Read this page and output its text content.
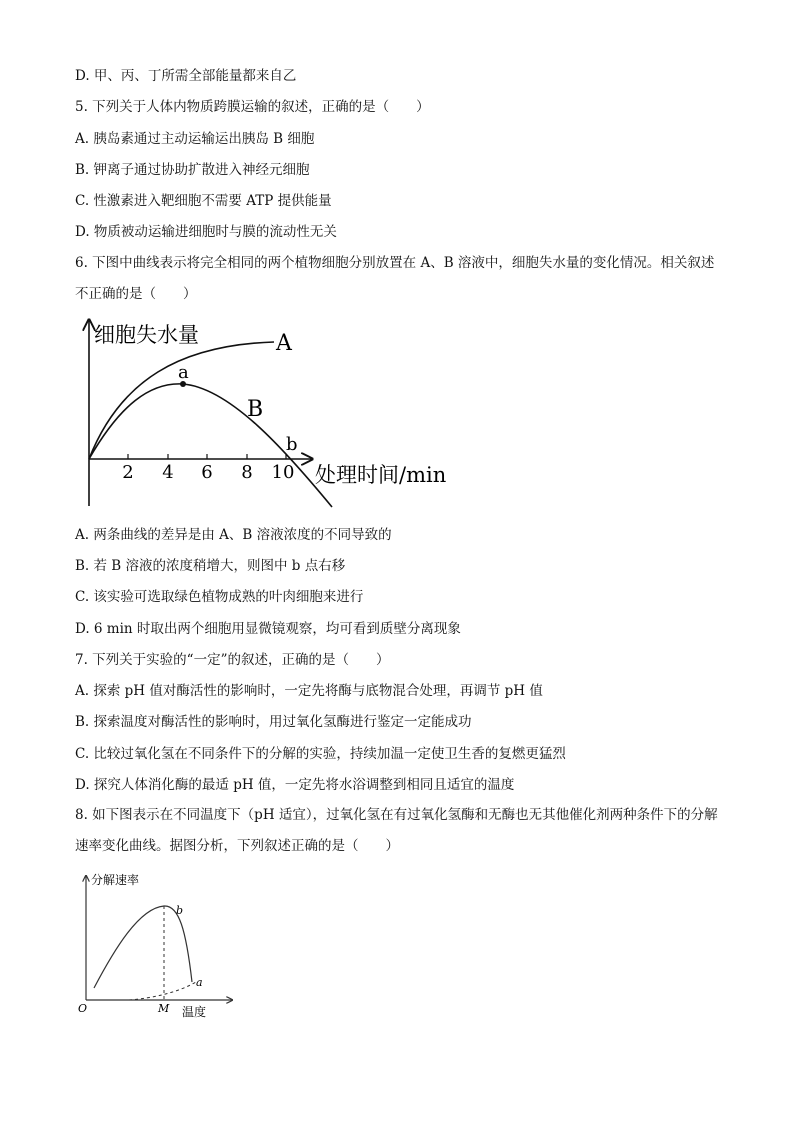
D. 甲、丙、丁所需全部能量都来自乙
5. 下列关于人体内物质跨膜运输的叙述，正确的是（　　）
A. 胰岛素通过主动运输运出胰岛 B 细胞
B. 钾离子通过协助扩散进入神经元细胞
C. 性激素进入靶细胞不需要 ATP 提供能量
D. 物质被动运输进细胞时与膜的流动性无关
6. 下图中曲线表示将完全相同的两个植物细胞分别放置在 A、B 溶液中，细胞失水量的变化情况。相关叙述不正确的是（　　）
2 4 6 8 10
细胞失水量
处理时间/min
A
B
a
b
A. 两条曲线的差异是由 A、B 溶液浓度的不同导致的
B. 若 B 溶液的浓度稍增大，则图中 b 点右移
C. 该实验可选取绿色植物成熟的叶肉细胞来进行
D. 6 min 时取出两个细胞用显微镜观察，均可看到质壁分离现象
7. 下列关于实验的“一定”的叙述，正确的是（　　）
A. 探索 pH 值对酶活性的影响时，一定先将酶与底物混合处理，再调节 pH 值
B. 探索温度对酶活性的影响时，用过氧化氢酶进行鉴定一定能成功
C. 比较过氧化氢在不同条件下的分解的实验，持续加温一定使卫生香的复燃更猛烈
D. 探究人体消化酶的最适 pH 值，一定先将水浴调整到相同且适宜的温度
8. 如下图表示在不同温度下（pH 适宜），过氧化氢在有过氧化氢酶和无酶也无其他催化剂两种条件下的分解速率变化曲线。据图分析，下列叙述正确的是（　　）
分解速率
温度
O	M
b
a
